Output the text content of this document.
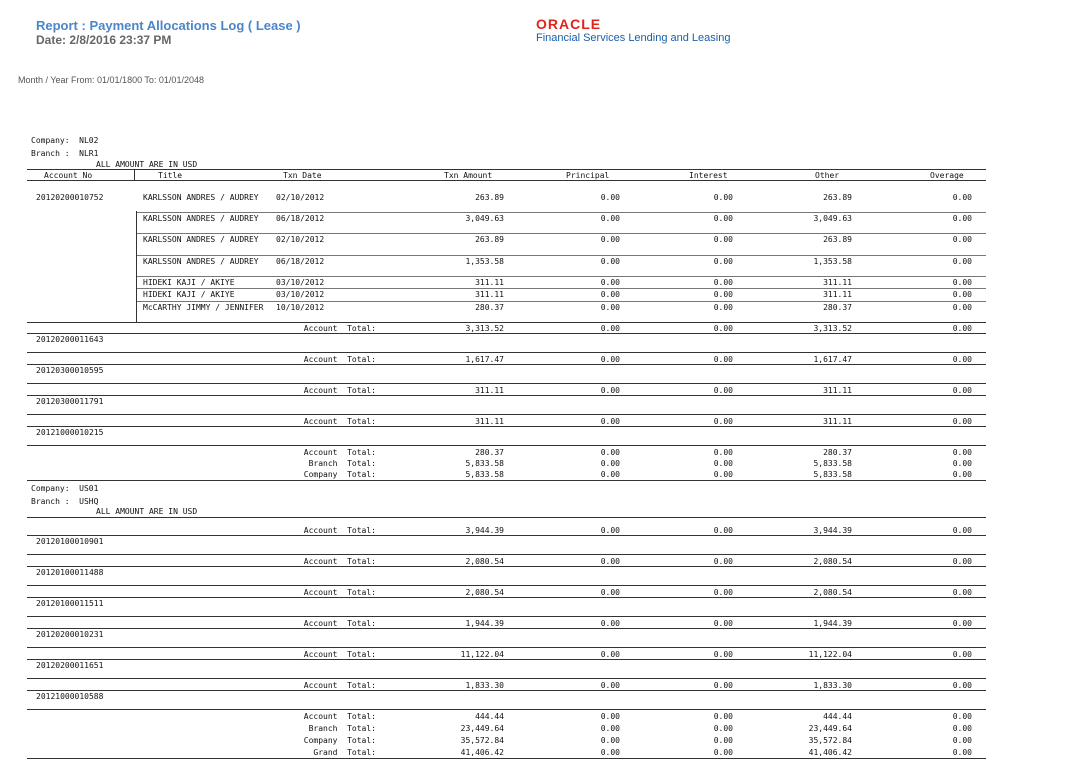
Report : Payment Allocations Log ( Lease )
Date: 2/8/2016 23:37 PM
ORACLE
Financial Services Lending and Leasing
Month / Year From: 01/01/1800 To: 01/01/2048
Company:  NL02
Branch :  NLR1
ALL AMOUNT ARE IN USD
Account No	Title	Txn Date	Txn Amount	Principal	Interest	Other	Overage
20120200010752	KARLSSON ANDRES / AUDREY	02/10/2012	263.89	0.00	0.00	263.89	0.00
KARLSSON ANDRES / AUDREY	06/18/2012	3,049.63	0.00	0.00	3,049.63	0.00
KARLSSON ANDRES / AUDREY	02/10/2012	263.89	0.00	0.00	263.89	0.00
KARLSSON ANDRES / AUDREY	06/18/2012	1,353.58	0.00	0.00	1,353.58	0.00
HIDEKI KAJI / AKIYE	03/10/2012	311.11	0.00	0.00	311.11	0.00
HIDEKI KAJI / AKIYE	03/10/2012	311.11	0.00	0.00	311.11	0.00
McCARTHY JIMMY / JENNIFER	10/10/2012	280.37	0.00	0.00	280.37	0.00
Account  Total:	3,313.52	0.00	0.00	3,313.52	0.00
20120200011643
Account  Total:	1,617.47	0.00	0.00	1,617.47	0.00
20120300010595
Account  Total:	311.11	0.00	0.00	311.11	0.00
20120300011791
Account  Total:	311.11	0.00	0.00	311.11	0.00
20121000010215
Account  Total:	280.37	0.00	0.00	280.37	0.00
Branch  Total:	5,833.58	0.00	0.00	5,833.58	0.00
Company  Total:	5,833.58	0.00	0.00	5,833.58	0.00
Account  Total:	3,944.39	0.00	0.00	3,944.39	0.00
20120100010901
Account  Total:	2,080.54	0.00	0.00	2,080.54	0.00
20120100011488
Account  Total:	2,080.54	0.00	0.00	2,080.54	0.00
20120100011511
Account  Total:	1,944.39	0.00	0.00	1,944.39	0.00
20120200010231
Account  Total:	11,122.04	0.00	0.00	11,122.04	0.00
20120200011651
Account  Total:	1,833.30	0.00	0.00	1,833.30	0.00
20121000010588
Account  Total:	444.44	0.00	0.00	444.44	0.00
Branch  Total:	23,449.64	0.00	0.00	23,449.64	0.00
Company  Total:	35,572.84	0.00	0.00	35,572.84	0.00
Grand  Total:	41,406.42	0.00	0.00	41,406.42	0.00
Company:  US01
Branch :  USHQ
ALL AMOUNT ARE IN USD
